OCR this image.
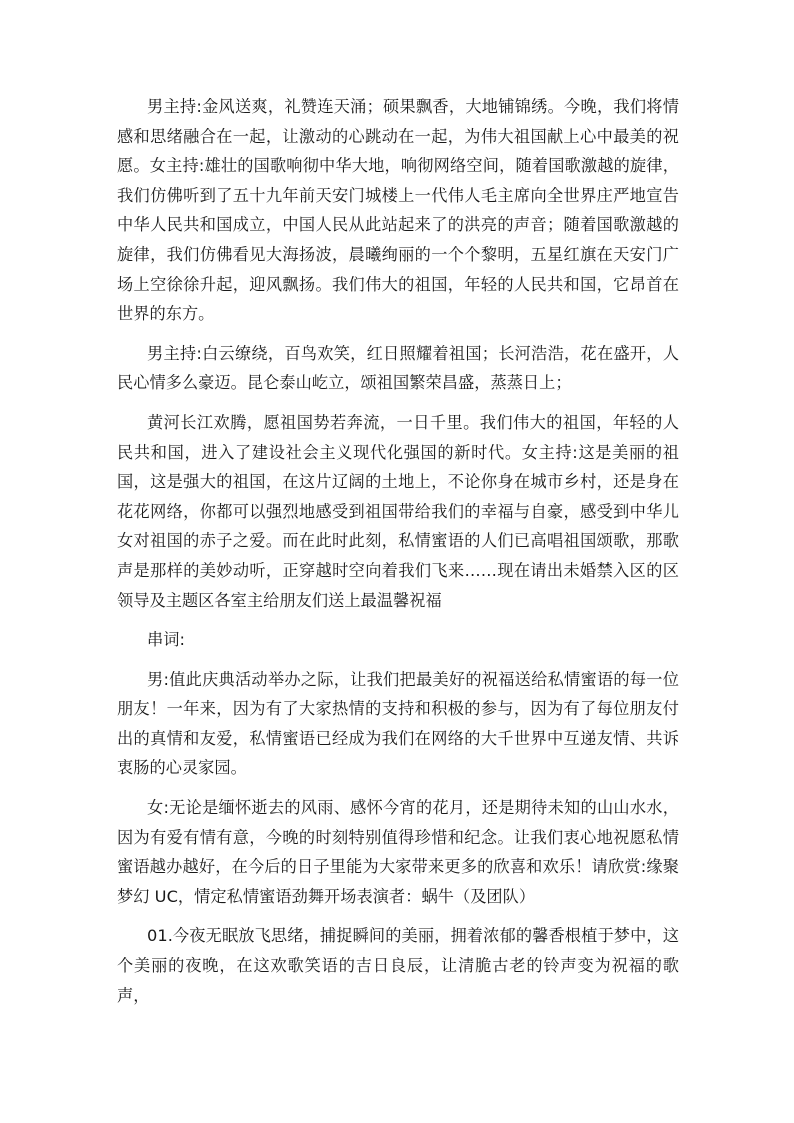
男主持:金风送爽，礼赞连天涌；硕果飘香，大地铺锦绣。今晚，我们将情感和思绪融合在一起，让激动的心跳动在一起，为伟大祖国献上心中最美的祝愿。女主持:雄壮的国歌响彻中华大地，响彻网络空间，随着国歌激越的旋律，我们仿佛听到了五十九年前天安门城楼上一代伟人毛主席向全世界庄严地宣告中华人民共和国成立，中国人民从此站起来了的洪亮的声音；随着国歌激越的旋律，我们仿佛看见大海扬波，晨曦绚丽的一个个黎明，五星红旗在天安门广场上空徐徐升起，迎风飘扬。我们伟大的祖国，年轻的人民共和国，它昂首在世界的东方。

男主持:白云缭绕，百鸟欢笑，红日照耀着祖国；长河浩浩，花在盛开，人民心情多么豪迈。昆仑泰山屹立，颂祖国繁荣昌盛，蒸蒸日上；

黄河长江欢腾，愿祖国势若奔流，一日千里。我们伟大的祖国，年轻的人民共和国，进入了建设社会主义现代化强国的新时代。女主持:这是美丽的祖国，这是强大的祖国，在这片辽阔的土地上，不论你身在城市乡村，还是身在花花网络，你都可以强烈地感受到祖国带给我们的幸福与自豪，感受到中华儿女对祖国的赤子之爱。而在此时此刻，私情蜜语的人们已高唱祖国颂歌，那歌声是那样的美妙动听，正穿越时空向着我们飞来……现在请出未婚禁入区的区领导及主题区各室主给朋友们送上最温馨祝福

串词:

男:值此庆典活动举办之际，让我们把最美好的祝福送给私情蜜语的每一位朋友！一年来，因为有了大家热情的支持和积极的参与，因为有了每位朋友付出的真情和友爱，私情蜜语已经成为我们在网络的大千世界中互递友情、共诉衷肠的心灵家园。

女:无论是缅怀逝去的风雨、感怀今宵的花月，还是期待未知的山山水水，因为有爱有情有意，今晚的时刻特别值得珍惜和纪念。让我们衷心地祝愿私情蜜语越办越好，在今后的日子里能为大家带来更多的欣喜和欢乐！请欣赏:缘聚梦幻 UC，情定私情蜜语劲舞开场表演者：蜗牛（及团队）

01.今夜无眠放飞思绪，捕捉瞬间的美丽，拥着浓郁的馨香根植于梦中，这个美丽的夜晚，在这欢歌笑语的吉日良辰，让清脆古老的铃声变为祝福的歌声，
